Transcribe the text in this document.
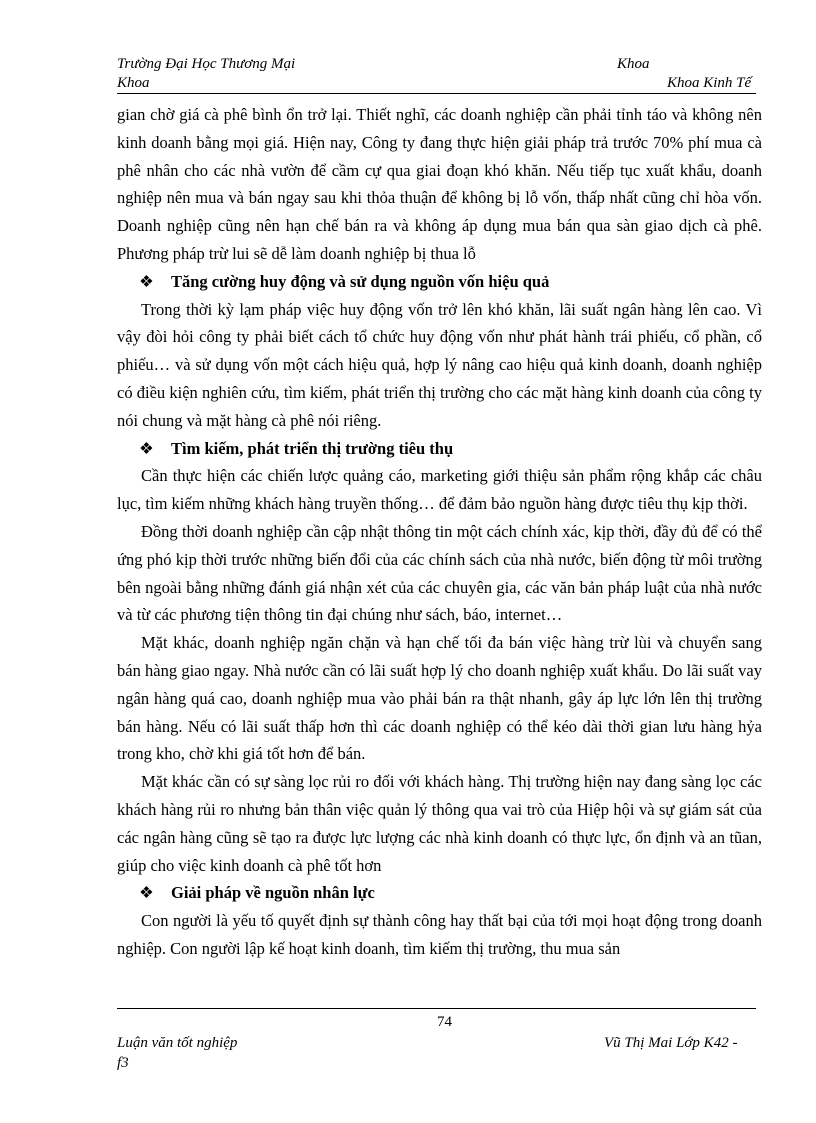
Trường Đại Học Thương Mại	Khoa
Khoa	Khoa Kinh Tế

gian chờ giá cà phê bình ổn trở lại. Thiết nghĩ, các doanh nghiệp cần phải tỉnh táo và không nên kinh doanh bằng mọi giá. Hiện nay, Công ty đang thực hiện giải pháp trả trước 70% phí mua cà phê nhân cho các nhà vườn để cầm cự qua giai đoạn khó khăn. Nếu tiếp tục xuất khẩu, doanh nghiệp nên mua và bán ngay sau khi thỏa thuận để không bị lỗ vốn, thấp nhất cũng chỉ hòa vốn. Doanh nghiệp cũng nên hạn chế bán ra và không áp dụng mua bán qua sàn giao dịch cà phê. Phương pháp trừ lui sẽ dễ làm doanh nghiệp bị thua lỗ

❖ Tăng cường huy động và sử dụng nguồn vốn hiệu quả

Trong thời kỳ lạm pháp việc huy động vốn trở lên khó khăn, lãi suất ngân hàng lên cao. Vì vậy đòi hỏi công ty phải biết cách tổ chức huy động vốn như phát hành trái phiếu, cổ phần, cổ phiếu… và sử dụng vốn một cách hiệu quả, hợp lý nâng cao hiệu quả kinh doanh, doanh nghiệp có điều kiện nghiên cứu, tìm kiếm, phát triển thị trường cho các mặt hàng kinh doanh của công ty nói chung và mặt hàng cà phê nói riêng.

❖ Tìm kiếm, phát triển thị trường tiêu thụ

Cần thực hiện các chiến lược quảng cáo, marketing giới thiệu sản phẩm rộng khắp các châu lục, tìm kiếm những khách hàng truyền thống… để đảm bảo nguồn hàng được tiêu thụ kịp thời.

Đồng thời doanh nghiệp cần cập nhật thông tin một cách chính xác, kịp thời, đầy đủ để có thể ứng phó kịp thời trước những biến đổi của các chính sách của nhà nước, biến động từ môi trường bên ngoài bằng những đánh giá nhận xét của các chuyên gia, các văn bản pháp luật của nhà nước và từ các phương tiện thông tin đại chúng như sách, báo, internet…

Mặt khác, doanh nghiệp ngăn chặn và hạn chế tối đa bán việc hàng trừ lùi và chuyển sang bán hàng giao ngay. Nhà nước cần có lãi suất hợp lý cho doanh nghiệp xuất khẩu. Do lãi suất vay ngân hàng quá cao, doanh nghiệp mua vào phải bán ra thật nhanh, gây áp lực lớn lên thị trường bán hàng. Nếu có lãi suất thấp hơn thì các doanh nghiệp có thể kéo dài thời gian lưu hàng hỷa trong kho, chờ khi giá tốt hơn để bán.

Mặt khác cần có sự sàng lọc rủi ro đối với khách hàng. Thị trường hiện nay đang sàng lọc các khách hàng rủi ro nhưng bản thân việc quản lý thông qua vai trò của Hiệp hội và sự giám sát của các ngân hàng cũng sẽ tạo ra được lực lượng các nhà kinh doanh có thực lực, ổn định và an tũan, giúp cho việc kinh doanh cà phê tốt hơn

❖ Giải pháp về nguồn nhân lực

Con người là yếu tố quyết định sự thành công hay thất bại của tới mọi hoạt động trong doanh nghiệp. Con người lập kế hoạt kinh doanh, tìm kiếm thị trường, thu mua sản

74
Luận văn tốt nghiệp	Vũ Thị Mai Lớp K42 -
f3
